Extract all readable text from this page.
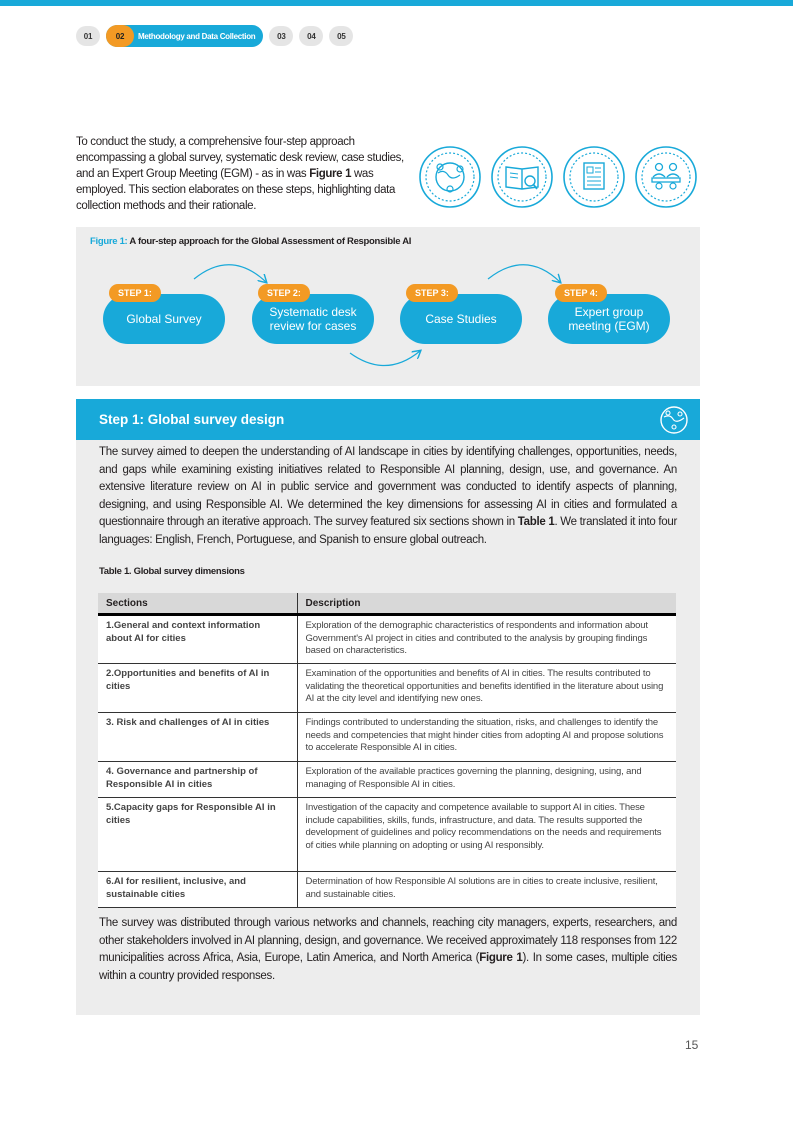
01	02	Methodology and Data Collection	03	04	05

To conduct the study, a comprehensive four-step approach encompassing a global survey, systematic desk review, case studies, and an Expert Group Meeting (EGM) - as in was Figure 1 was employed. This section elaborates on these steps, highlighting data collection methods and their rationale.

Figure 1: A four-step approach for the Global Assessment of Responsible AI
Global Survey
STEP 1:
Systematic desk review for cases
STEP 2:
Case Studies
STEP 3:
Expert group meeting (EGM)
STEP 4:
Step 1: Global survey design

The survey aimed to deepen the understanding of AI landscape in cities by identifying challenges, opportunities, needs, and gaps while examining existing initiatives related to Responsible AI planning, design, use, and governance. An extensive literature review on AI in public service and government was conducted to identify aspects of planning, designing, and using Responsible AI. We determined the key dimensions for assessing AI in cities and formulated a questionnaire through an iterative approach. The survey featured six sections shown in Table 1. We translated it into four languages: English, French, Portuguese, and Spanish to ensure global outreach.

Table 1. Global survey dimensions
Sections	Description
1.General and context information about AI for cities	Exploration of the demographic characteristics of respondents and information about Government's AI project in cities and contributed to the analysis by grouping findings based on characteristics.
2.Opportunities and benefits of AI in cities	Examination of the opportunities and benefits of AI in cities. The results contributed to validating the theoretical opportunities and benefits identified in the literature about using AI at the city level and identifying new ones.
3. Risk and challenges of AI in cities	Findings contributed to understanding the situation, risks, and challenges to identify the needs and competencies that might hinder cities from adopting AI and propose solutions to accelerate Responsible AI in cities.
4. Governance and partnership of Responsible AI in cities	Exploration of the available practices governing the planning, designing, using, and managing of Responsible AI in cities.
5.Capacity gaps for Responsible AI in cities	Investigation of the capacity and competence available to support AI in cities. These include capabilities, skills, funds, infrastructure, and data. The results supported the development of guidelines and policy recommendations on the needs and requirements of cities while planning on adopting or using AI responsibly.
6.AI for resilient, inclusive, and sustainable cities	Determination of how Responsible AI solutions are in cities to create inclusive, resilient, and sustainable cities.

The survey was distributed through various networks and channels, reaching city managers, experts, researchers, and other stakeholders involved in AI planning, design, and governance. We received approximately 118 responses from 122 municipalities across Africa, Asia, Europe, Latin America, and North America (Figure 1). In some cases, multiple cities within a country provided responses.

15
